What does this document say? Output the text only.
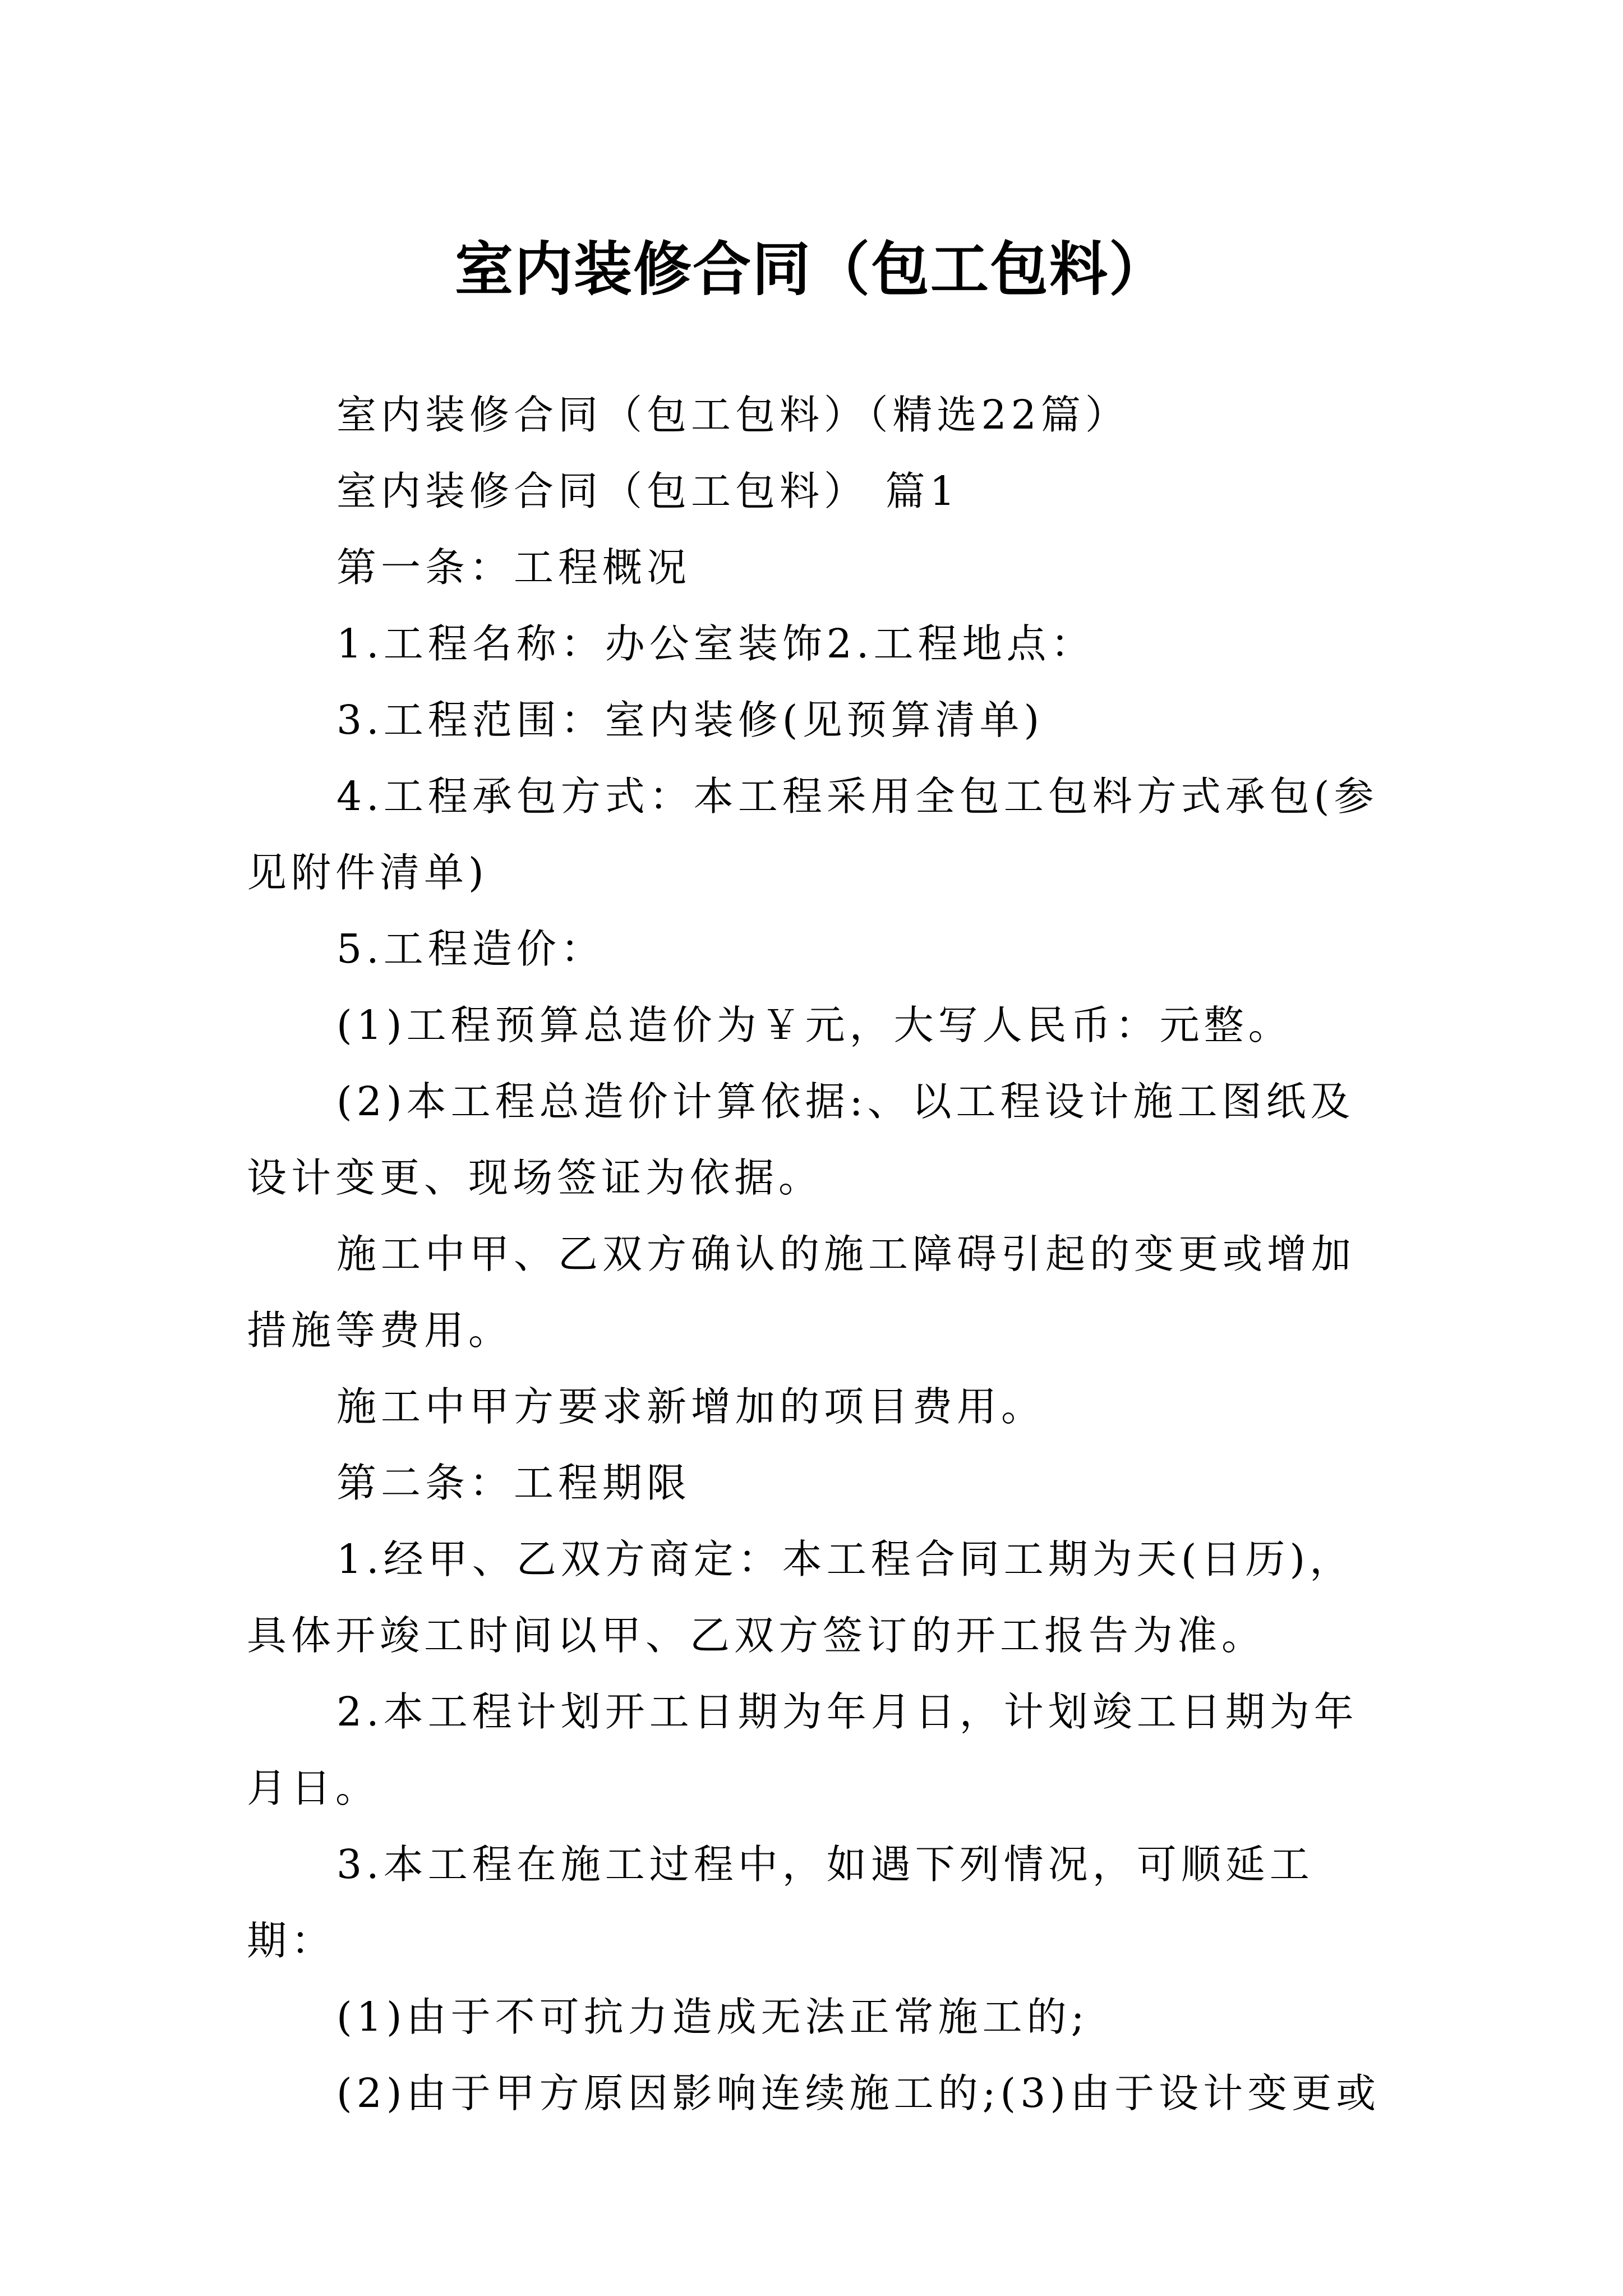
室内装修合同（包工包料）

室内装修合同（包工包料）（精选22篇）

室内装修合同（包工包料） 篇1

第一条：工程概况

1.工程名称：办公室装饰2.工程地点：

3.工程范围：室内装修(见预算清单)

4.工程承包方式：本工程采用全包工包料方式承包(参见附件清单)

5.工程造价：

(1)工程预算总造价为￥元，大写人民币：元整。

(2)本工程总造价计算依据:、以工程设计施工图纸及设计变更、现场签证为依据。

施工中甲、乙双方确认的施工障碍引起的变更或增加措施等费用。

施工中甲方要求新增加的项目费用。

第二条：工程期限

1.经甲、乙双方商定：本工程合同工期为天(日历)，具体开竣工时间以甲、乙双方签订的开工报告为准。

2.本工程计划开工日期为年月日，计划竣工日期为年月日。

3.本工程在施工过程中，如遇下列情况，可顺延工期：

(1)由于不可抗力造成无法正常施工的;

(2)由于甲方原因影响连续施工的;(3)由于设计变更或
